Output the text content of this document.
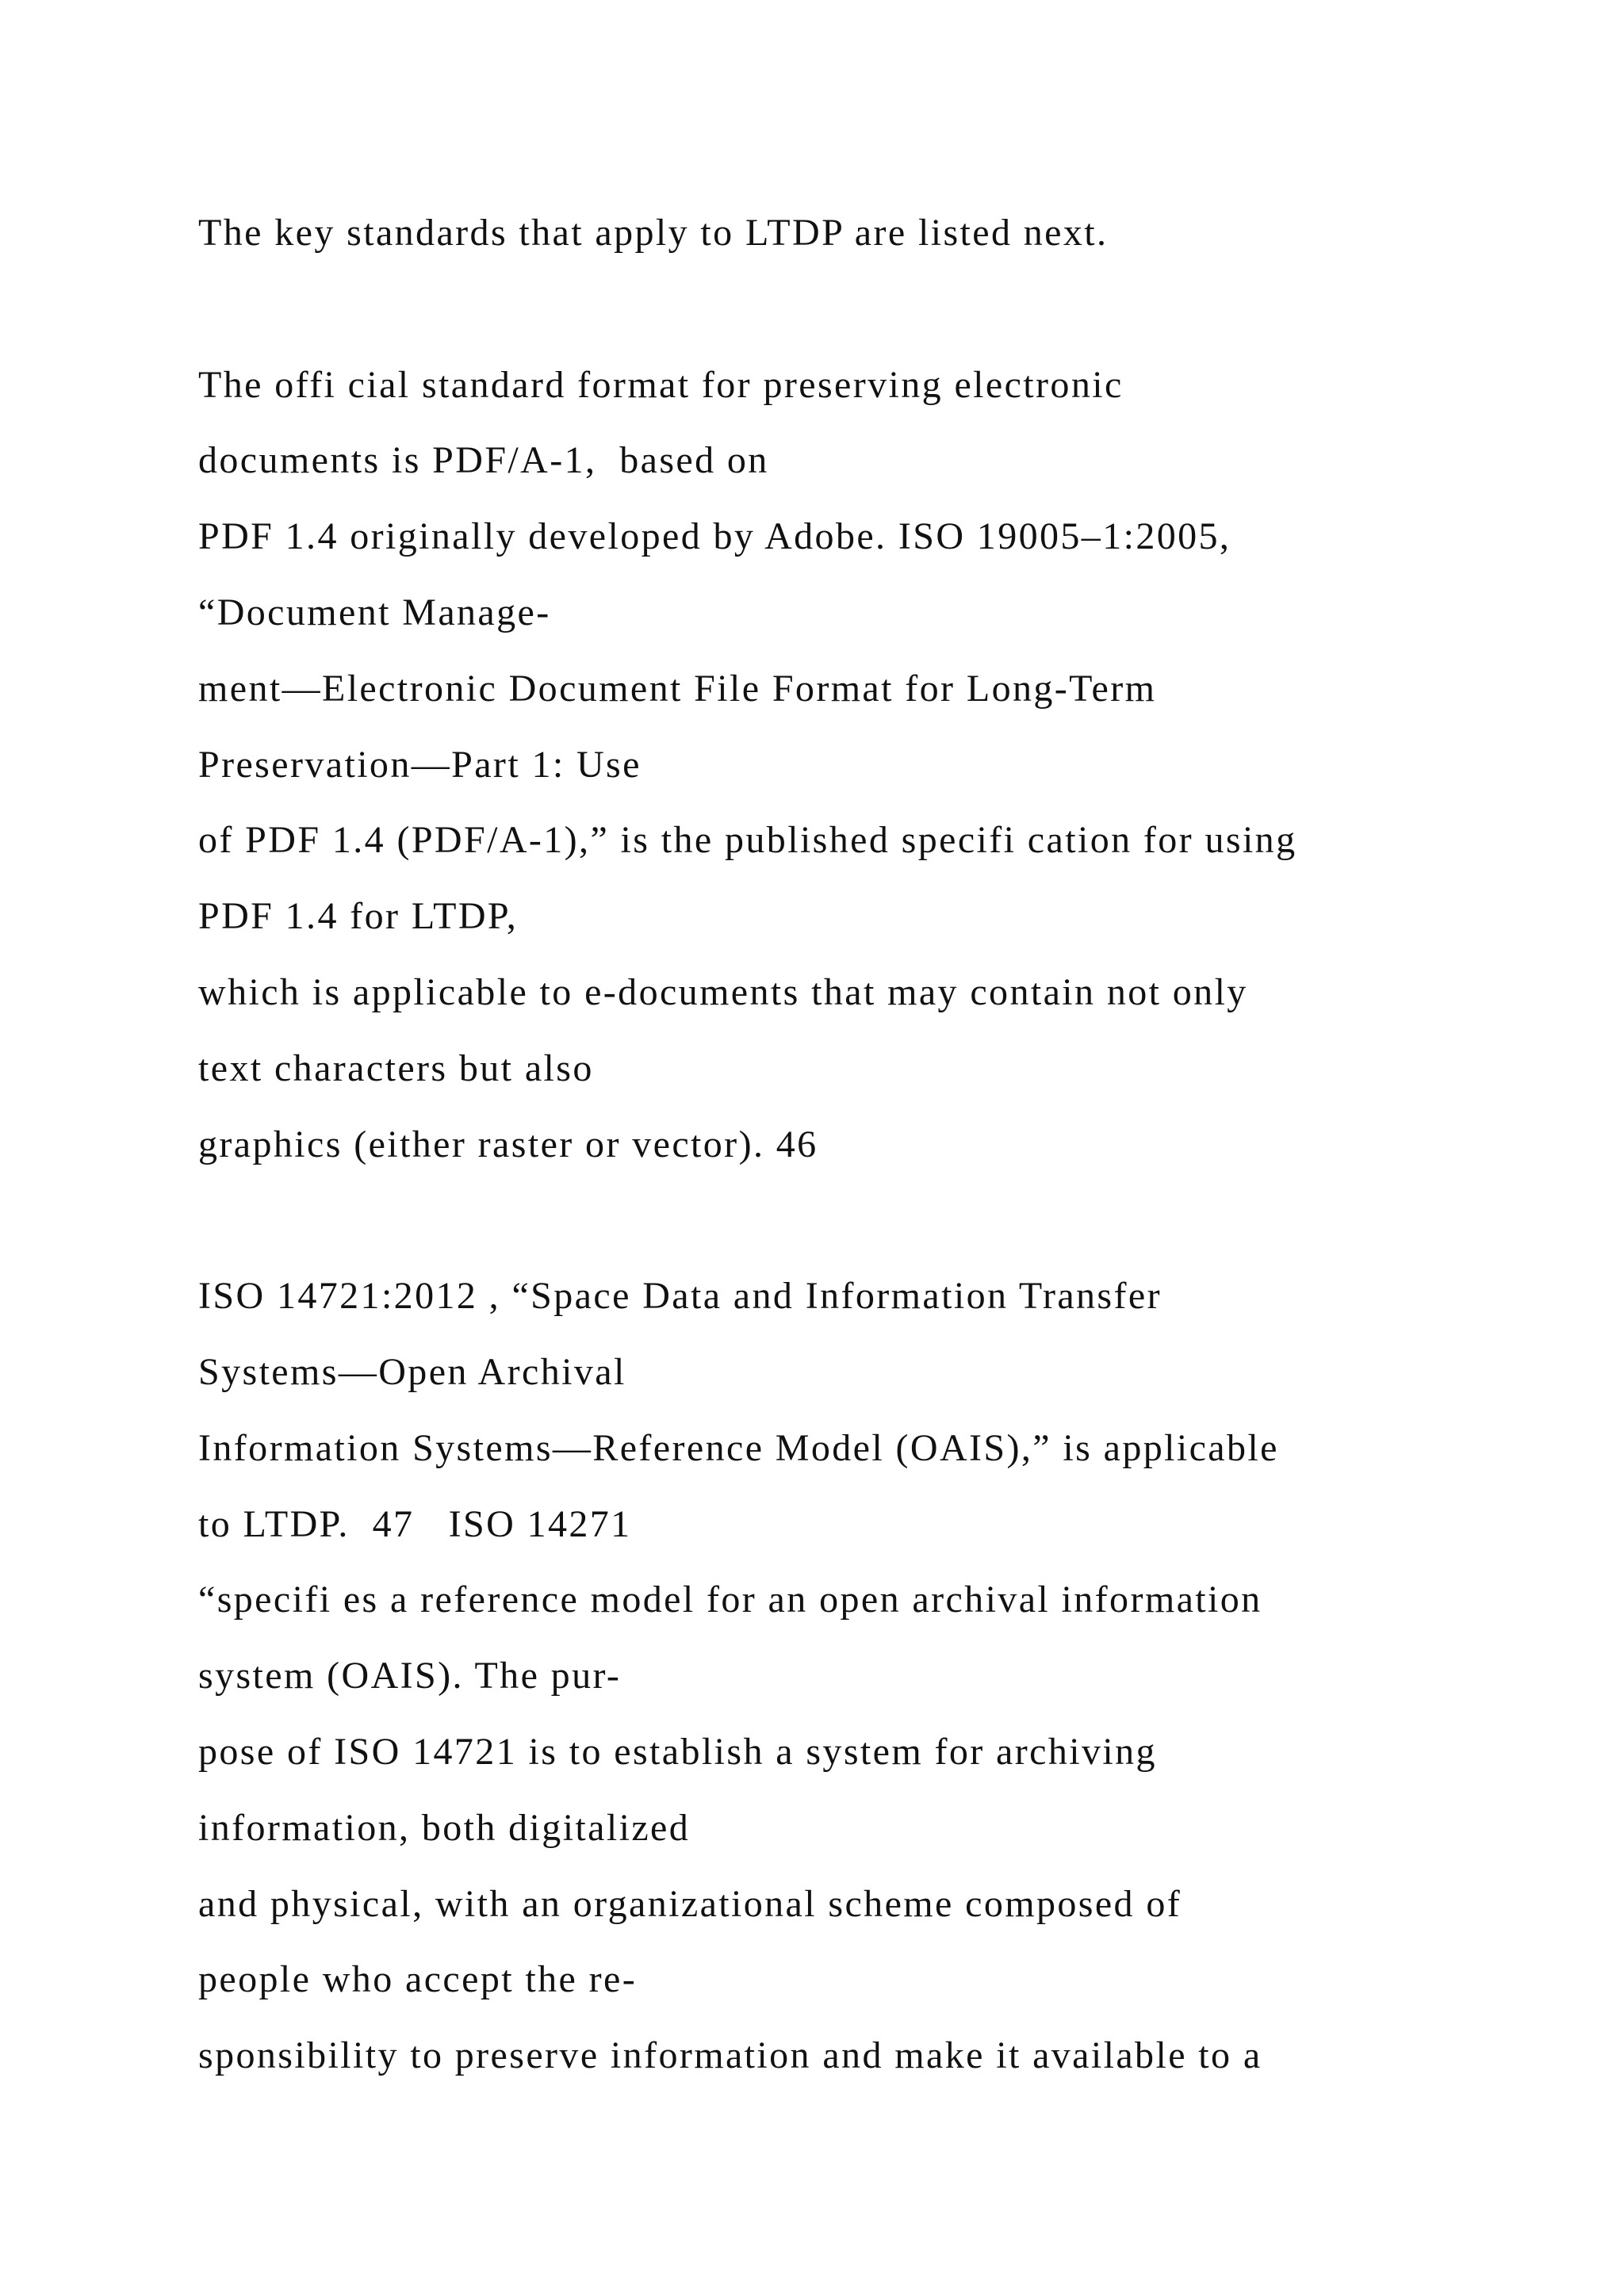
The key standards that apply to LTDP are listed next.
The offi cial standard format for preserving electronic
documents is PDF/A-1,  based on
PDF 1.4 originally developed by Adobe. ISO 19005–1:2005,
“Document Manage-
ment—Electronic Document File Format for Long-Term
Preservation—Part 1: Use
of PDF 1.4 (PDF/A-1),” is the published specifi cation for using
PDF 1.4 for LTDP,
which is applicable to e-documents that may contain not only
text characters but also
graphics (either raster or vector). 46
ISO 14721:2012 , “Space Data and Information Transfer
Systems—Open Archival
Information Systems—Reference Model (OAIS),” is applicable
to LTDP.  47   ISO 14271
“specifi es a reference model for an open archival information
system (OAIS). The pur-
pose of ISO 14721 is to establish a system for archiving
information, both digitalized
and physical, with an organizational scheme composed of
people who accept the re-
sponsibility to preserve information and make it available to a
